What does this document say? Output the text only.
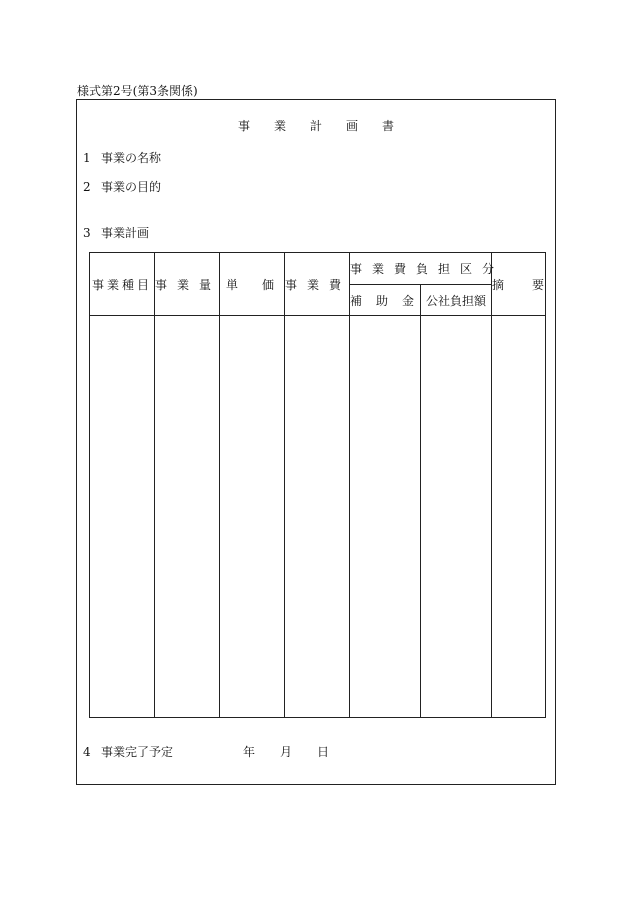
様式第2号(第3条関係)
事業計画書
1 事業の名称
2 事業の目的
3 事業計画
事業種目	事業量	単 価	事業費	事業費負担区分		摘要
				補助金	公社負担額	

4 事業完了予定	年 月 日
